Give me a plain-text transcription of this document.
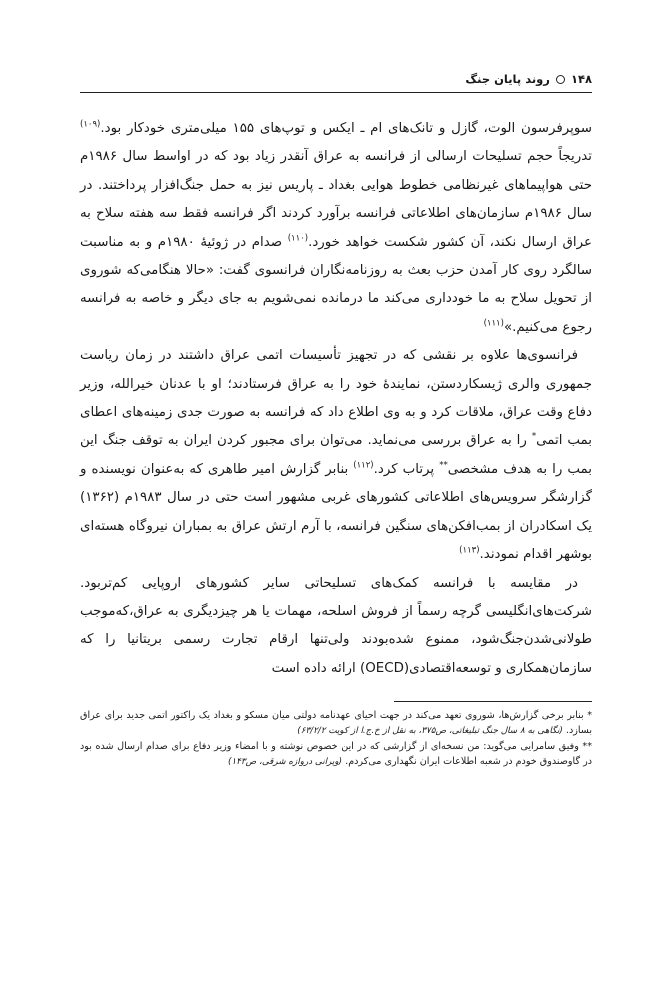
۱۴۸
روند پایان جنگ

سوپرفرسون الوت، گازل و تانک‌های ام ـ ایکس و توپ‌های ۱۵۵ میلی‌متری خودکار بود.$^{(۱۰۹)}$ تدریجاً حجم تسلیحات ارسالی از فرانسه به عراق آنقدر زیاد بود که در اواسط سال ۱۹۸۶م حتی هواپیماهای غیرنظامی خطوط هوایی بغداد ـ پاریس نیز به حمل جنگ‌افزار پرداختند. در سال ۱۹۸۶م سازمان‌های اطلاعاتی فرانسه برآورد کردند اگر فرانسه فقط سه هفته سلاح به عراق ارسال نکند، آن کشور شکست خواهد خورد.$^{(۱۱۰)}$ صدام در ژوئیهٔ ۱۹۸۰م و به مناسبت سالگرد روی کار آمدن حزب بعث به روزنامه‌نگاران فرانسوی گفت: «حالا هنگامی‌که شوروی از تحویل سلاح به ما خودداری می‌کند ما درمانده نمی‌شویم به جای دیگر و خاصه به فرانسه رجوع می‌کنیم.»$^{(۱۱۱)}$

فرانسوی‌ها علاوه بر نقشی که در تجهیز تأسیسات اتمی عراق داشتند در زمان ریاست جمهوری والری ژیسکاردستن، نمایندهٔ خود را به عراق فرستادند؛ او با عدنان خیرالله، وزیر دفاع وقت عراق، ملاقات کرد و به وی اطلاع داد که فرانسه به صورت جدی زمینه‌های اعطای بمب اتمی* را به عراق بررسی می‌نماید. می‌توان برای مجبور کردن ایران به توقف جنگ این بمب را به هدف مشخصی** پرتاب کرد.$^{(۱۱۲)}$ بنابر گزارش امیر طاهری که به‌عنوان نویسنده و گزارشگر سرویس‌های اطلاعاتی کشورهای غربی مشهور است حتی در سال ۱۹۸۳م (۱۳۶۲) یک اسکادران از بمب‌افکن‌های سنگین فرانسه، با آرم ارتش عراق به بمباران نیروگاه هسته‌ای بوشهر اقدام نمودند.$^{(۱۱۳)}$

در مقایسه با فرانسه کمک‌های تسلیحاتی سایر کشورهای اروپایی کم‌تربود. شرکت‌های‌انگلیسی گرچه رسماً از فروش اسلحه، مهمات یا هر چیزدیگری به عراق،که‌موجب طولانی‌شدن‌جنگ‌شود، ممنوع شده‌بودند ولی‌تنها ارقام تجارت رسمی بریتانیا را که سازمان‌همکاری و توسعه‌اقتصادی(OECD) ارائه داده است

* بنابر برخی گزارش‌ها، شوروی تعهد می‌کند در جهت احیای عهدنامه دولتی میان مسکو و بغداد یک راکتور اتمی جدید برای عراق بسازد. (نگاهی به ۸ سال جنگ تبلیغاتی، ص۳۷۵، به نقل از خ.ج.ا از کویت ۶۳/۲/۲)

** وفیق سامرایی می‌گوید: من نسخه‌ای از گزارشی که در این خصوص نوشته و با امضاء وزیر دفاع برای صدام ارسال شده بود در گاوصندوق خودم در شعبه اطلاعات ایران نگهداری می‌کردم. (ویرانی دروازه شرقی، ص۱۴۳)
